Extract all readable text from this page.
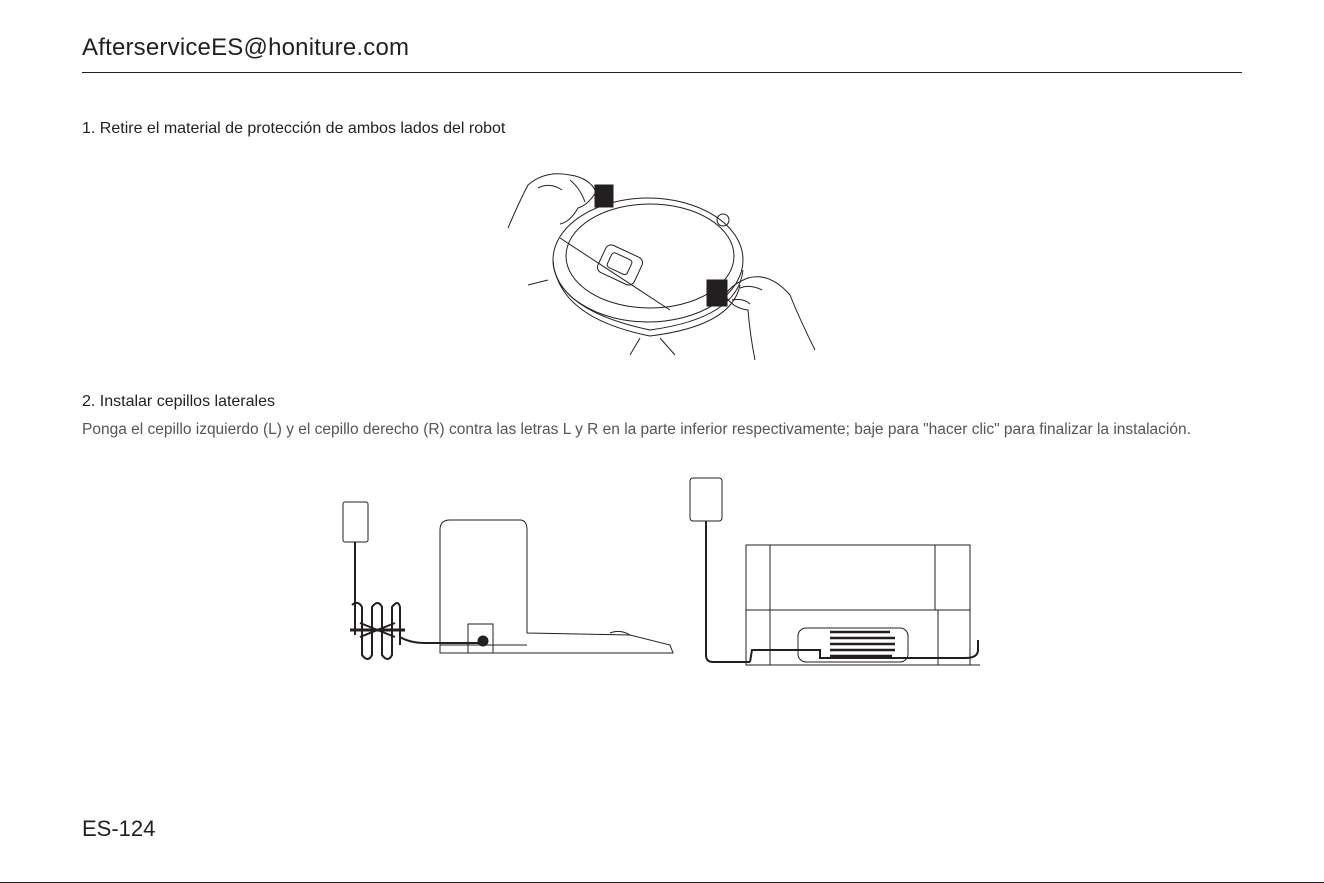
AfterserviceES@honiture.com
1. Retire el material de protección de ambos lados del robot
2. Instalar cepillos laterales
Ponga el cepillo izquierdo (L) y el cepillo derecho (R) contra las letras L y R en la parte inferior respectivamente; baje para "hacer clic" para finalizar la instalación.
ES-124
